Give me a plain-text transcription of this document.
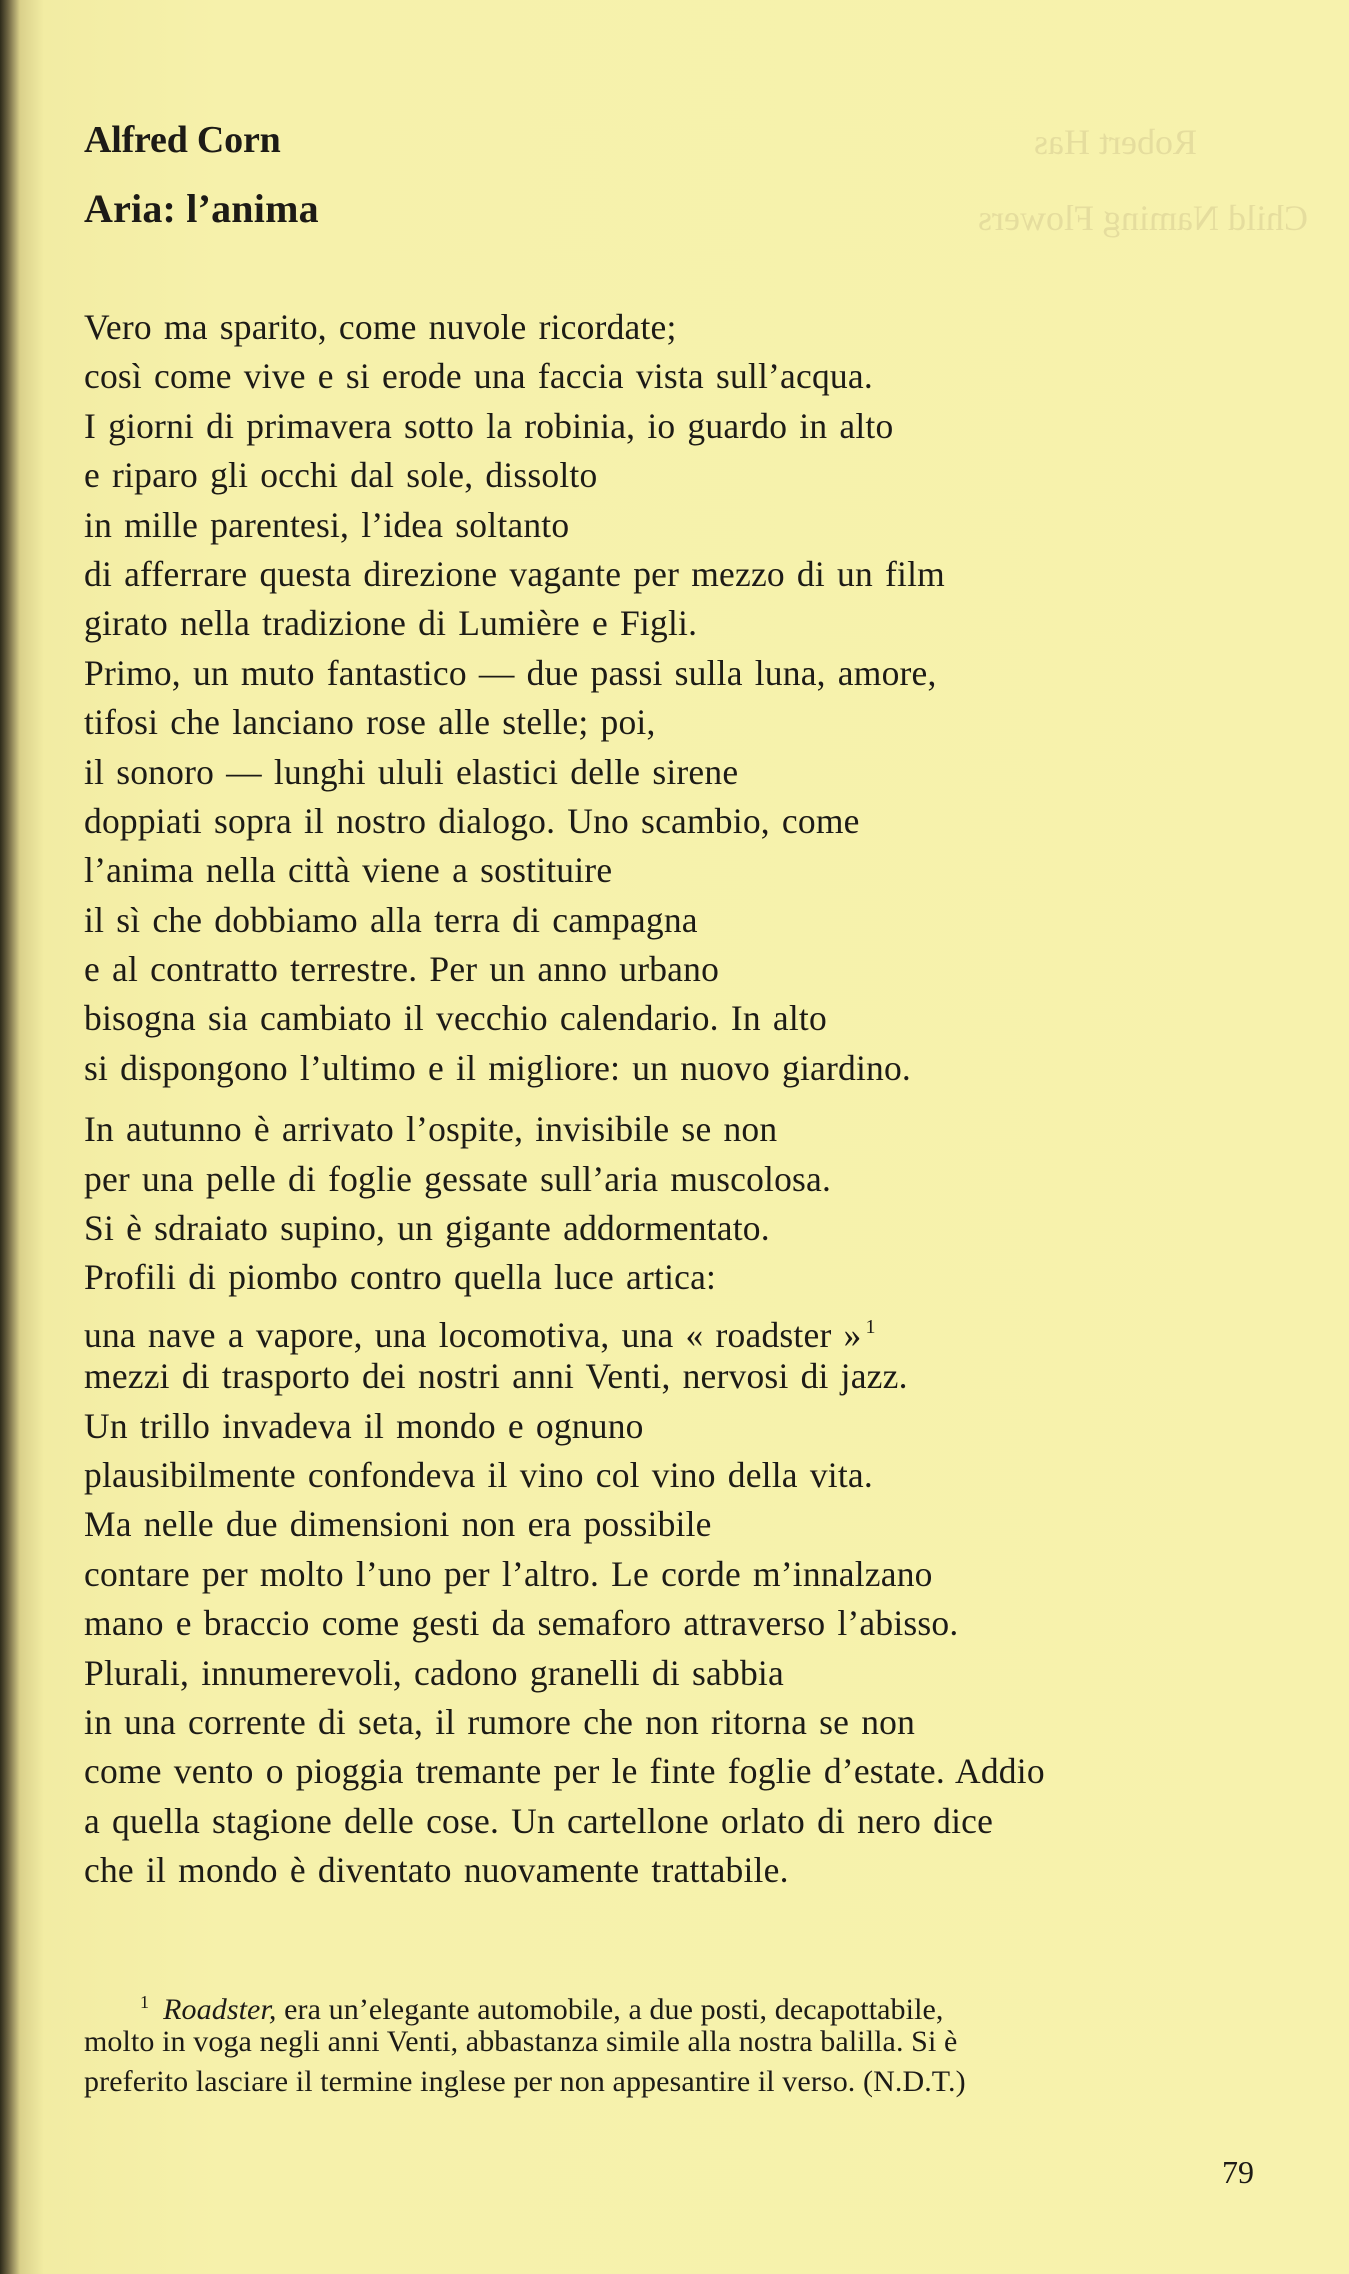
Robert Has
Child Naming Flowers
Alfred Corn
Aria: l’anima
Vero ma sparito, come nuvole ricordate;
così come vive e si erode una faccia vista sull’acqua.
I giorni di primavera sotto la robinia, io guardo in alto
e riparo gli occhi dal sole, dissolto
in mille parentesi, l’idea soltanto
di afferrare questa direzione vagante per mezzo di un film
girato nella tradizione di Lumière e Figli.
Primo, un muto fantastico — due passi sulla luna, amore,
tifosi che lanciano rose alle stelle; poi,
il sonoro — lunghi ululi elastici delle sirene
doppiati sopra il nostro dialogo. Uno scambio, come
l’anima nella città viene a sostituire
il sì che dobbiamo alla terra di campagna
e al contratto terrestre. Per un anno urbano
bisogna sia cambiato il vecchio calendario. In alto
si dispongono l’ultimo e il migliore: un nuovo giardino.
In autunno è arrivato l’ospite, invisibile se non
per una pelle di foglie gessate sull’aria muscolosa.
Si è sdraiato supino, un gigante addormentato.
Profili di piombo contro quella luce artica:
una nave a vapore, una locomotiva, una « roadster » $^1$
mezzi di trasporto dei nostri anni Venti, nervosi di jazz.
Un trillo invadeva il mondo e ognuno
plausibilmente confondeva il vino col vino della vita.
Ma nelle due dimensioni non era possibile
contare per molto l’uno per l’altro. Le corde m’innalzano
mano e braccio come gesti da semaforo attraverso l’abisso.
Plurali, innumerevoli, cadono granelli di sabbia
in una corrente di seta, il rumore che non ritorna se non
come vento o pioggia tremante per le finte foglie d’estate. Addio
a quella stagione delle cose. Un cartellone orlato di nero dice
che il mondo è diventato nuovamente trattabile.
$^1$ Roadster, era un’elegante automobile, a due posti, decapottabile,
molto in voga negli anni Venti, abbastanza simile alla nostra balilla. Si è
preferito lasciare il termine inglese per non appesantire il verso. (N.D.T.)
79
